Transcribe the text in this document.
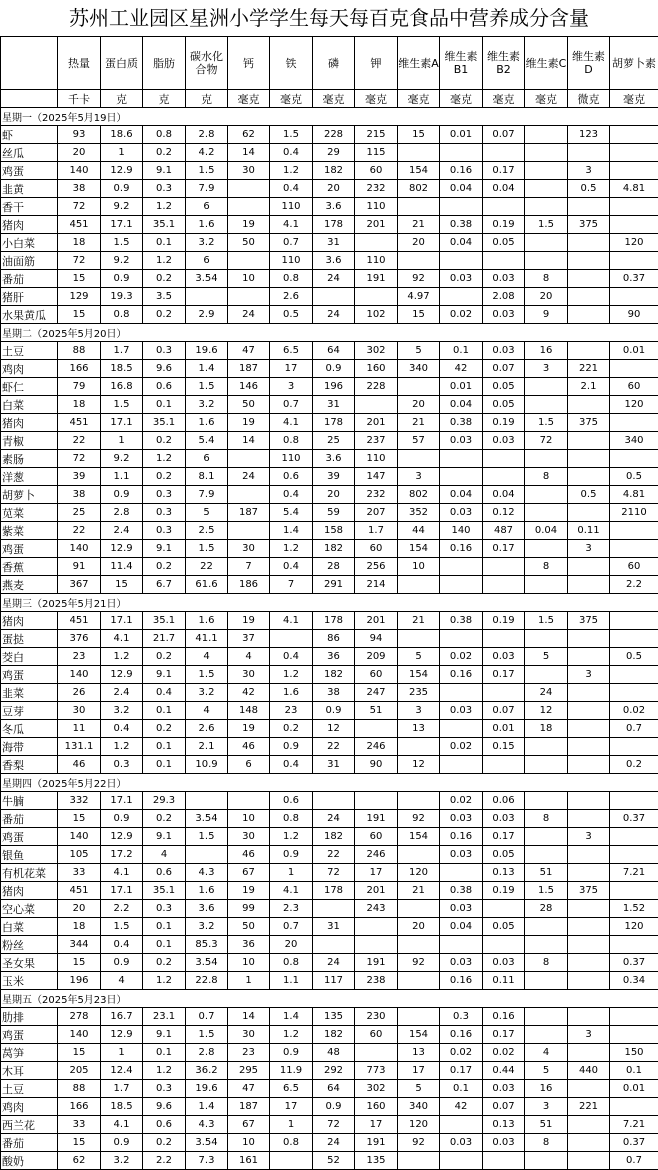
苏州工业园区星洲小学学生每天每百克食品中营养成分含量
	热量	蛋白质	脂肪	碳水化合物	钙	铁	磷	钾	维生素A	维生素B1	维生素B2	维生素C	维生素D	胡萝卜素
	千卡	克	克	克	毫克	毫克	毫克	毫克	毫克	毫克	毫克	毫克	微克	毫克
星期一（2025年5月19日）														
虾	93	18.6	0.8	2.8	62	1.5	228	215	15	0.01	0.07		123	
丝瓜	20	1	0.2	4.2	14	0.4	29	115						
鸡蛋	140	12.9	9.1	1.5	30	1.2	182	60	154	0.16	0.17		3	
韭黄	38	0.9	0.3	7.9		0.4	20	232	802	0.04	0.04		0.5	4.81
香干	72	9.2	1.2	6		110	3.6	110						
猪肉	451	17.1	35.1	1.6	19	4.1	178	201	21	0.38	0.19	1.5	375	
小白菜	18	1.5	0.1	3.2	50	0.7	31		20	0.04	0.05			120
油面筋	72	9.2	1.2	6		110	3.6	110						
番茄	15	0.9	0.2	3.54	10	0.8	24	191	92	0.03	0.03	8		0.37
猪肝	129	19.3	3.5			2.6			4.97		2.08	20		
水果黄瓜	15	0.8	0.2	2.9	24	0.5	24	102	15	0.02	0.03	9		90
星期二（2025年5月20日）														
土豆	88	1.7	0.3	19.6	47	6.5	64	302	5	0.1	0.03	16		0.01
鸡肉	166	18.5	9.6	1.4	187	17	0.9	160	340	42	0.07	3	221	
虾仁	79	16.8	0.6	1.5	146	3	196	228		0.01	0.05		2.1	60
白菜	18	1.5	0.1	3.2	50	0.7	31		20	0.04	0.05			120
猪肉	451	17.1	35.1	1.6	19	4.1	178	201	21	0.38	0.19	1.5	375	
青椒	22	1	0.2	5.4	14	0.8	25	237	57	0.03	0.03	72		340
素肠	72	9.2	1.2	6		110	3.6	110						
洋葱	39	1.1	0.2	8.1	24	0.6	39	147	3			8		0.5
胡萝卜	38	0.9	0.3	7.9		0.4	20	232	802	0.04	0.04		0.5	4.81
苋菜	25	2.8	0.3	5	187	5.4	59	207	352	0.03	0.12			2110
紫菜	22	2.4	0.3	2.5		1.4	158	1.7	44	140	487	0.04	0.11	
鸡蛋	140	12.9	9.1	1.5	30	1.2	182	60	154	0.16	0.17		3	
香蕉	91	11.4	0.2	22	7	0.4	28	256	10			8		60
燕麦	367	15	6.7	61.6	186	7	291	214						2.2
星期三（2025年5月21日）														
猪肉	451	17.1	35.1	1.6	19	4.1	178	201	21	0.38	0.19	1.5	375	
蛋挞	376	4.1	21.7	41.1	37		86	94						
茭白	23	1.2	0.2	4	4	0.4	36	209	5	0.02	0.03	5		0.5
鸡蛋	140	12.9	9.1	1.5	30	1.2	182	60	154	0.16	0.17		3	
韭菜	26	2.4	0.4	3.2	42	1.6	38	247	235			24		
豆芽	30	3.2	0.1	4	148	23	0.9	51	3	0.03	0.07	12		0.02
冬瓜	11	0.4	0.2	2.6	19	0.2	12		13		0.01	18		0.7
海带	131.1	1.2	0.1	2.1	46	0.9	22	246		0.02	0.15			
香梨	46	0.3	0.1	10.9	6	0.4	31	90	12					0.2
星期四（2025年5月22日）														
牛腩	332	17.1	29.3			0.6				0.02	0.06			
番茄	15	0.9	0.2	3.54	10	0.8	24	191	92	0.03	0.03	8		0.37
鸡蛋	140	12.9	9.1	1.5	30	1.2	182	60	154	0.16	0.17		3	
银鱼	105	17.2	4		46	0.9	22	246		0.03	0.05			
有机花菜	33	4.1	0.6	4.3	67	1	72	17	120		0.13	51		7.21
猪肉	451	17.1	35.1	1.6	19	4.1	178	201	21	0.38	0.19	1.5	375	
空心菜	20	2.2	0.3	3.6	99	2.3		243		0.03		28		1.52
白菜	18	1.5	0.1	3.2	50	0.7	31		20	0.04	0.05			120
粉丝	344	0.4	0.1	85.3	36	20								
圣女果	15	0.9	0.2	3.54	10	0.8	24	191	92	0.03	0.03	8		0.37
玉米	196	4	1.2	22.8	1	1.1	117	238		0.16	0.11			0.34
星期五（2025年5月23日）														
肋排	278	16.7	23.1	0.7	14	1.4	135	230		0.3	0.16			
鸡蛋	140	12.9	9.1	1.5	30	1.2	182	60	154	0.16	0.17		3	
莴笋	15	1	0.1	2.8	23	0.9	48		13	0.02	0.02	4		150
木耳	205	12.4	1.2	36.2	295	11.9	292	773	17	0.17	0.44	5	440	0.1
土豆	88	1.7	0.3	19.6	47	6.5	64	302	5	0.1	0.03	16		0.01
鸡肉	166	18.5	9.6	1.4	187	17	0.9	160	340	42	0.07	3	221	
西兰花	33	4.1	0.6	4.3	67	1	72	17	120		0.13	51		7.21
番茄	15	0.9	0.2	3.54	10	0.8	24	191	92	0.03	0.03	8		0.37
酸奶	62	3.2	2.2	7.3	161		52	135						0.7
